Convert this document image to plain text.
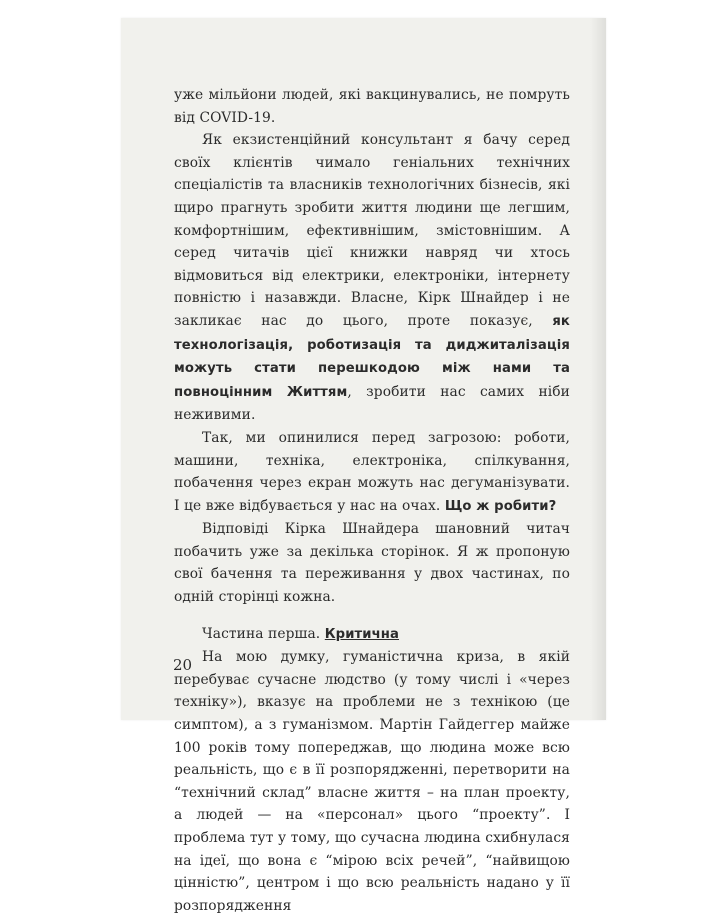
уже мільйони людей, які вакцинувались, не помруть від COVID-19.

Як екзистенційний консультант я бачу серед своїх клієнтів чимало геніальних технічних спеціалістів та власників технологічних бізнесів, які щиро прагнуть зробити життя людини ще легшим, комфортнішим, ефективнішим, змістовнішим. А серед читачів цієї книжки навряд чи хтось відмовиться від електрики, електроніки, інтернету повністю і назавжди. Власне, Кірк Шнайдер і не закликає нас до цього, проте показує, як технологізація, роботизація та диджиталізація можуть стати перешкодою між нами та повноцінним Життям, зробити нас самих ніби неживими.

Так, ми опинилися перед загрозою: роботи, машини, техніка, електроніка, спілкування, побачення через екран можуть нас дегуманізувати. І це вже відбувається у нас на очах. Що ж робити?

Відповіді Кірка Шнайдера шановний читач побачить уже за декілька сторінок. Я ж пропоную свої бачення та переживання у двох частинах, по одній сторінці кожна.

Частина перша. Критична

На мою думку, гуманістична криза, в якій перебуває сучасне людство (у тому числі і «через техніку»), вказує на проблеми не з технікою (це симптом), а з гуманізмом. Мартін Гайдеггер майже 100 років тому попереджав, що людина може всю реальність, що є в її розпорядженні, перетворити на “технічний склад” власне життя – на план проекту, а людей — на «персонал» цього “проекту”. І проблема тут у тому, що сучасна людина схибнулася на ідеї, що вона є “мірою всіх речей”, “найвищою цінністю”, центром і що всю реальність надано у її розпорядження

20
